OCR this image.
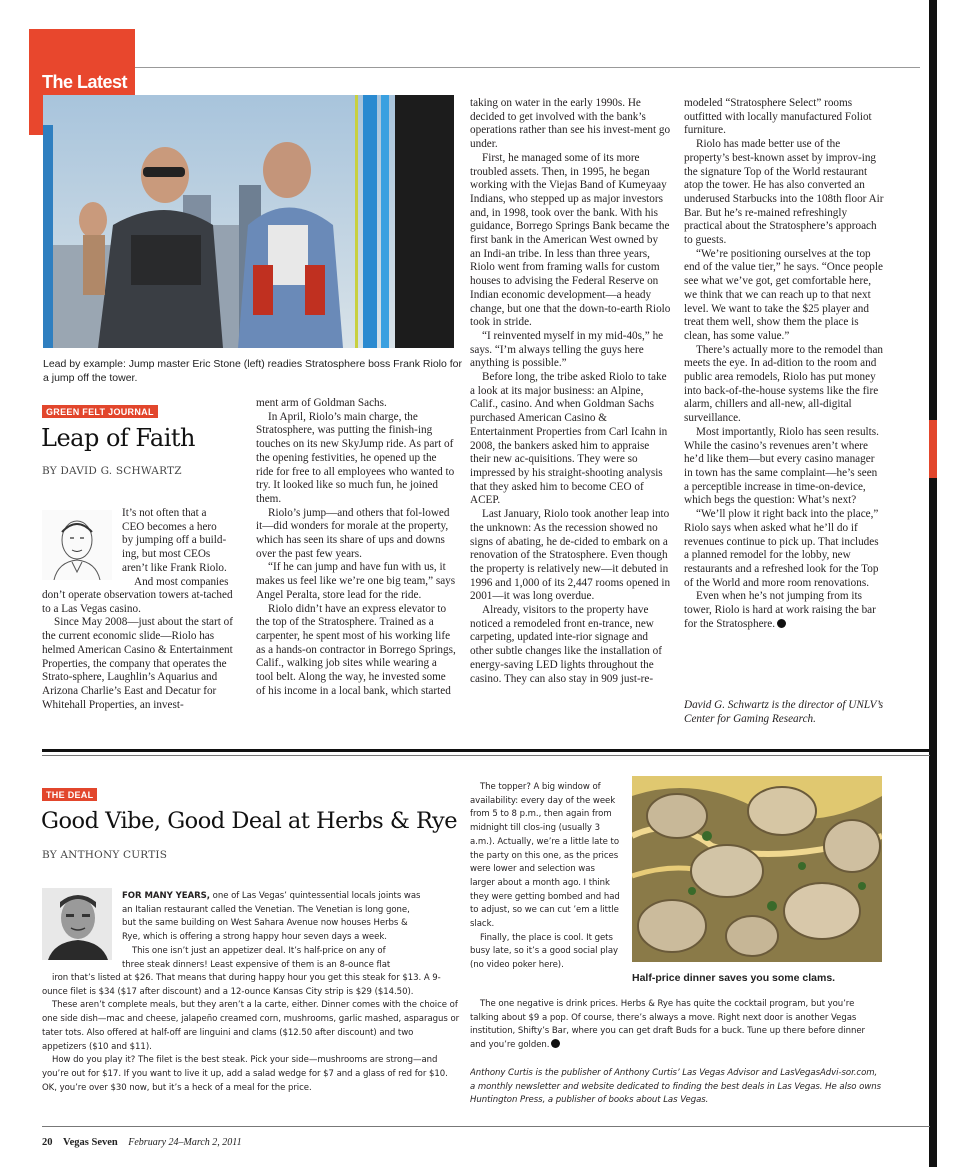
The Latest
Lead by example: Jump master Eric Stone (left) readies Stratosphere boss Frank Riolo for a jump off the tower.
GREEN FELT JOURNAL
Leap of Faith
BY DAVID G. SCHWARTZ
It’s not often that a
CEO becomes a hero
by jumping off a build-
ing, but most CEOs
aren’t like Frank Riolo.
And most companies

don’t operate observation towers at-tached to a Las Vegas casino.

Since May 2008—just about the start of the current economic slide—Riolo has helmed American Casino & Entertainment Properties, the company that operates the Strato-sphere, Laughlin’s Aquarius and Arizona Charlie’s East and Decatur for Whitehall Properties, an invest-

ment arm of Goldman Sachs.

In April, Riolo’s main charge, the Stratosphere, was putting the finish-ing touches on its new SkyJump ride. As part of the opening festivities, he opened up the ride for free to all employees who wanted to try. It looked like so much fun, he joined them.

Riolo’s jump—and others that fol-lowed it—did wonders for morale at the property, which has seen its share of ups and downs over the past few years.

“If he can jump and have fun with us, it makes us feel like we’re one big team,” says Angel Peralta, store lead for the ride.

Riolo didn’t have an express elevator to the top of the Stratosphere. Trained as a carpenter, he spent most of his working life as a hands-on contractor in Borrego Springs, Calif., walking job sites while wearing a tool belt. Along the way, he invested some of his income in a local bank, which started

taking on water in the early 1990s. He decided to get involved with the bank’s operations rather than see his invest-ment go under.

First, he managed some of its more troubled assets. Then, in 1995, he began working with the Viejas Band of Kumeyaay Indians, who stepped up as major investors and, in 1998, took over the bank. With his guidance, Borrego Springs Bank became the first bank in the American West owned by an Indi-an tribe. In less than three years, Riolo went from framing walls for custom houses to advising the Federal Reserve on Indian economic development—a heady change, but one that the down-to-earth Riolo took in stride.

“I reinvented myself in my mid-40s,” he says. “I’m always telling the guys here anything is possible.”

Before long, the tribe asked Riolo to take a look at its major business: an Alpine, Calif., casino. And when Goldman Sachs purchased American Casino & Entertainment Properties from Carl Icahn in 2008, the bankers asked him to appraise their new ac-quisitions. They were so impressed by his straight-shooting analysis that they asked him to become CEO of ACEP.

Last January, Riolo took another leap into the unknown: As the recession showed no signs of abating, he de-cided to embark on a renovation of the Stratosphere. Even though the property is relatively new—it debuted in 1996 and 1,000 of its 2,447 rooms opened in 2001—it was long overdue.

Already, visitors to the property have noticed a remodeled front en-trance, new carpeting, updated inte-rior signage and other subtle changes like the installation of energy-saving LED lights throughout the casino. They can also stay in 909 just-re-

modeled “Stratosphere Select” rooms outfitted with locally manufactured Foliot furniture.

Riolo has made better use of the property’s best-known asset by improv-ing the signature Top of the World restaurant atop the tower. He has also converted an underused Starbucks into the 108th floor Air Bar. But he’s re-mained refreshingly practical about the Stratosphere’s approach to guests.

“We’re positioning ourselves at the top end of the value tier,” he says. “Once people see what we’ve got, get comfortable here, we think that we can reach up to that next level. We want to take the $25 player and treat them well, show them the place is clean, has some value.”

There’s actually more to the remodel than meets the eye. In ad-dition to the room and public area remodels, Riolo has put money into back-of-the-house systems like the fire alarm, chillers and all-new, all-digital surveillance.

Most importantly, Riolo has seen results. While the casino’s revenues aren’t where he’d like them—but every casino manager in town has the same complaint—he’s seen a perceptible increase in time-on-device, which begs the question: What’s next?

“We’ll plow it right back into the place,” Riolo says when asked what he’ll do if revenues continue to pick up. That includes a planned remodel for the lobby, new restaurants and a refreshed look for the Top of the World and more room renovations.

Even when he’s not jumping from its tower, Riolo is hard at work raising the bar for the Stratosphere.

David G. Schwartz is the director of UNLV’s Center for Gaming Research.
THE DEAL
Good Vibe, Good Deal at Herbs & Rye
BY ANTHONY CURTIS
FOR MANY YEARS, one of Las Vegas’ quintessential locals joints was
an Italian restaurant called the Venetian. The Venetian is long gone,
but the same building on West Sahara Avenue now houses Herbs &
Rye, which is offering a strong happy hour seven days a week.
This one isn’t just an appetizer deal. It’s half-price on any of
three steak dinners! Least expensive of them is an 8-ounce flat

iron that’s listed at $26. That means that during happy hour you get this steak for $13. A 9-ounce filet is $34 ($17 after discount) and a 12-ounce Kansas City strip is $29 ($14.50).

These aren’t complete meals, but they aren’t a la carte, either. Dinner comes with the choice of one side dish—mac and cheese, jalapeño creamed corn, mushrooms, garlic mashed, asparagus or tater tots. Also offered at half-off are linguini and clams ($12.50 after discount) and two appetizers ($10 and $11).

How do you play it? The filet is the best steak. Pick your side—mushrooms are strong—and you’re out for $17. If you want to live it up, add a salad wedge for $7 and a glass of red for $10. OK, you’re over $30 now, but it’s a heck of a meal for the price.

The topper? A big window of availability: every day of the week from 5 to 8 p.m., then again from midnight till clos-ing (usually 3 a.m.). Actually, we’re a little late to the party on this one, as the prices were lower and selection was larger about a month ago. I think they were getting bombed and had to adjust, so we can cut ’em a little slack.

Finally, the place is cool. It gets busy late, so it’s a good social play (no video poker here).

Half-price dinner saves you some clams.

The one negative is drink prices. Herbs & Rye has quite the cocktail program, but you’re talking about $9 a pop. Of course, there’s always a move. Right next door is another Vegas institution, Shifty’s Bar, where you can get draft Buds for a buck. Tune up there before dinner and you’re golden.

Anthony Curtis is the publisher of Anthony Curtis’ Las Vegas Advisor and LasVegasAdvi-sor.com, a monthly newsletter and website dedicated to finding the best deals in Las Vegas. He also owns Huntington Press, a publisher of books about Las Vegas.
20 Vegas Seven February 24–March 2, 2011
